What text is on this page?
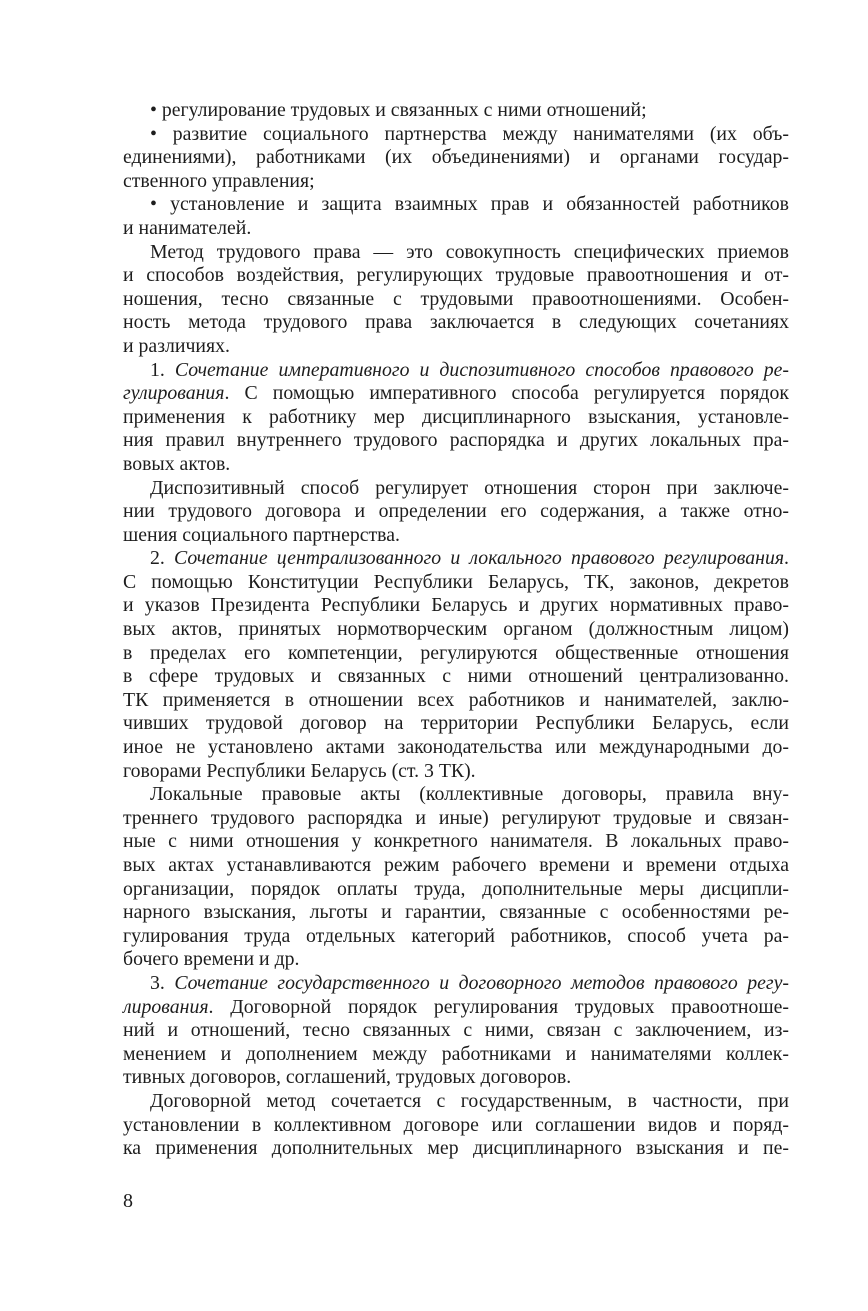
• регулирование трудовых и связанных с ними отношений;
• развитие социального партнерства между нанимателями (их объ-
единениями), работниками (их объединениями) и органами государ-
ственного управления;
• установление и защита взаимных прав и обязанностей работников
и нанимателей.
Метод трудового права — это совокупность специфических приемов
и способов воздействия, регулирующих трудовые правоотношения и от-
ношения, тесно связанные с трудовыми правоотношениями. Особен-
ность метода трудового права заключается в следующих сочетаниях
и различиях.
1. Сочетание императивного и диспозитивного способов правового ре-
гулирования. С помощью императивного способа регулируется порядок
применения к работнику мер дисциплинарного взыскания, установле-
ния правил внутреннего трудового распорядка и других локальных пра-
вовых актов.
Диспозитивный способ регулирует отношения сторон при заключе-
нии трудового договора и определении его содержания, а также отно-
шения социального партнерства.
2. Сочетание централизованного и локального правового регулирования.
С помощью Конституции Республики Беларусь, ТК, законов, декретов
и указов Президента Республики Беларусь и других нормативных право-
вых актов, принятых нормотворческим органом (должностным лицом)
в пределах его компетенции, регулируются общественные отношения
в сфере трудовых и связанных с ними отношений централизованно.
ТК применяется в отношении всех работников и нанимателей, заклю-
чивших трудовой договор на территории Республики Беларусь, если
иное не установлено актами законодательства или международными до-
говорами Республики Беларусь (ст. 3 ТК).
Локальные правовые акты (коллективные договоры, правила вну-
треннего трудового распорядка и иные) регулируют трудовые и связан-
ные с ними отношения у конкретного нанимателя. В локальных право-
вых актах устанавливаются режим рабочего времени и времени отдыха
организации, порядок оплаты труда, дополнительные меры дисципли-
нарного взыскания, льготы и гарантии, связанные с особенностями ре-
гулирования труда отдельных категорий работников, способ учета ра-
бочего времени и др.
3. Сочетание государственного и договорного методов правового регу-
лирования. Договорной порядок регулирования трудовых правоотноше-
ний и отношений, тесно связанных с ними, связан с заключением, из-
менением и дополнением между работниками и нанимателями коллек-
тивных договоров, соглашений, трудовых договоров.
Договорной метод сочетается с государственным, в частности, при
установлении в коллективном договоре или соглашении видов и поряд-
ка применения дополнительных мер дисциплинарного взыскания и пе-
8
